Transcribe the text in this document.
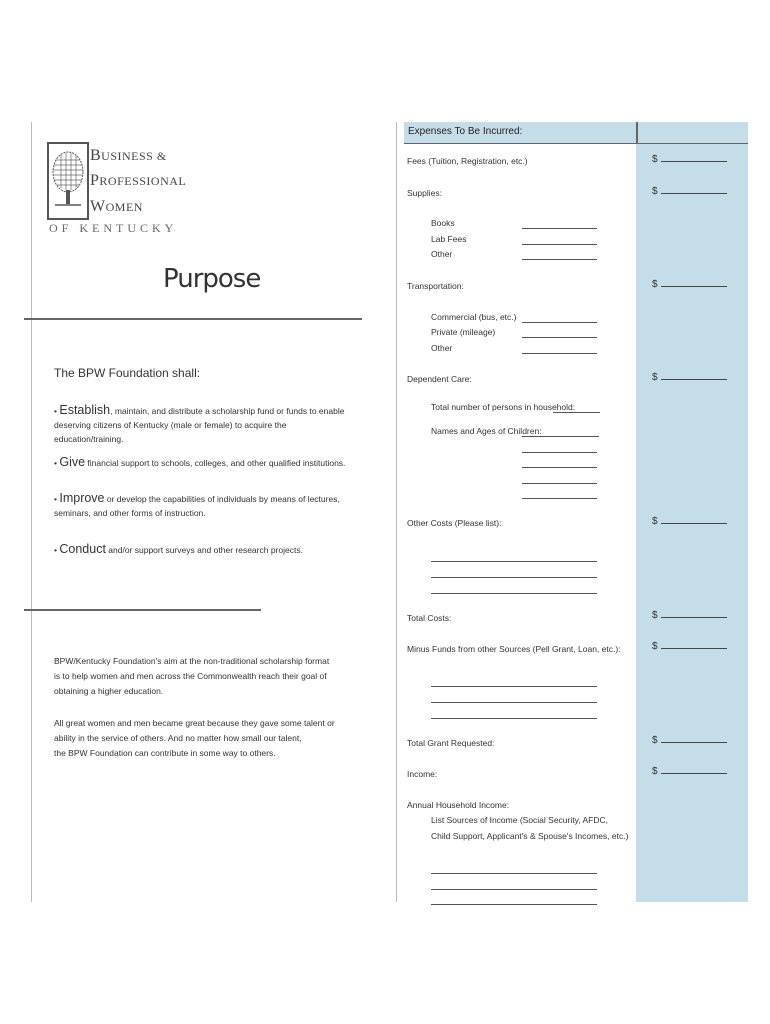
BUSINESS &
PROFESSIONAL
WOMEN
OF KENTUCKY
Purpose
The BPW Foundation shall:
• Establish, maintain, and distribute a scholarship fund or funds to enable
deserving citizens of Kentucky (male or female) to acquire the education/training.
• Give financial support to schools, colleges, and other qualified institutions.
• Improve or develop the capabilities of individuals by means of lectures,
seminars, and other forms of instruction.
• Conduct and/or support surveys and other research projects.
BPW/Kentucky Foundation's aim at the non-traditional scholarship format
is to help women and men across the Commonwealth reach their goal of
obtaining a higher education.
All great women and men became great because they gave some talent or
ability in the service of others. And no matter how small our talent,
the BPW Foundation can contribute in some way to others.
Expenses To Be Incurred:
Fees (Tuition, Registration, etc.)	$
Supplies:	$
Books
Lab Fees
Other
Transportation:	$
Commercial (bus, etc.)
Private (mileage)
Other
Dependent Care:	$
Total number of persons in household:
Names and Ages of Children:
Other Costs (Please list):	$
Total Costs:	$
Minus Funds from other Sources (Pell Grant, Loan, etc.):	$
Total Grant Requested:	$
Income:	$
Annual Household Income:
List Sources of Income (Social Security, AFDC,
Child Support, Applicant's & Spouse's Incomes, etc.)
